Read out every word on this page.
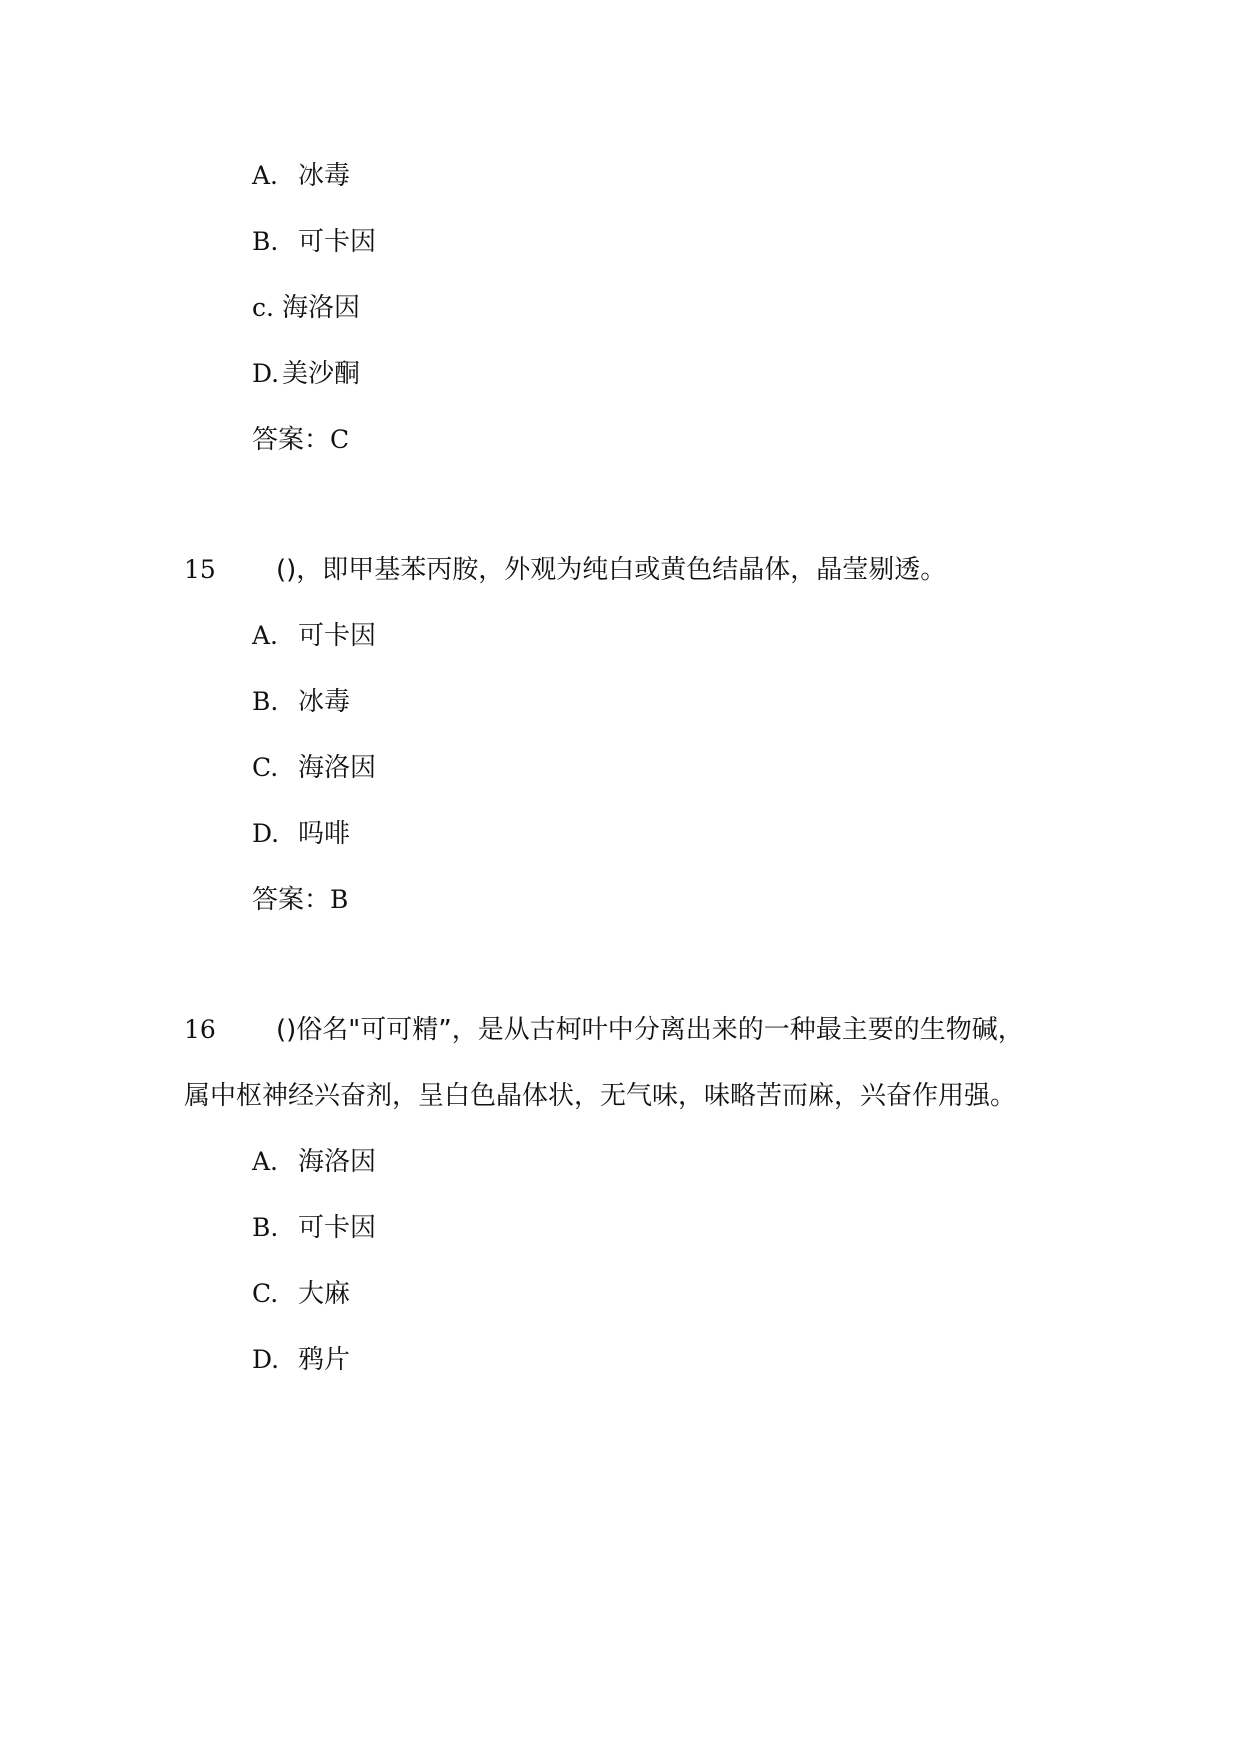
A. 冰毒
B. 可卡因
c. 海洛因
D. 美沙酮
答案：C
15 ()，即甲基苯丙胺，外观为纯白或黄色结晶体，晶莹剔透。
A. 可卡因
B. 冰毒
C. 海洛因
D. 吗啡
答案：B
16 ()俗名"可可精”，是从古柯叶中分离出来的一种最主要的生物碱，
属中枢神经兴奋剂，呈白色晶体状，无气味，味略苦而麻，兴奋作用强。
A. 海洛因
B. 可卡因
C. 大麻
D. 鸦片
